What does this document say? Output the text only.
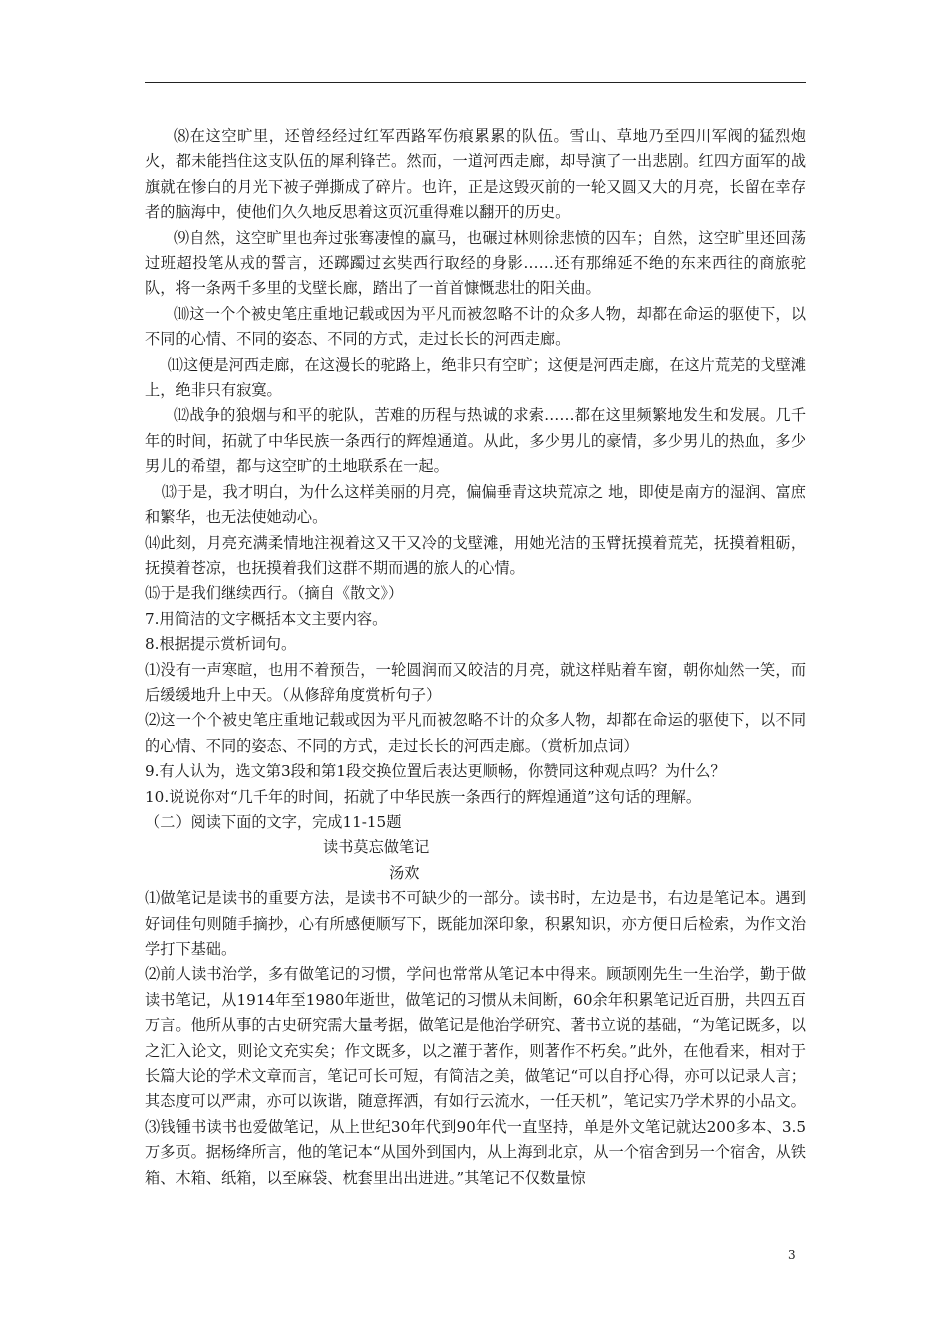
⑻在这空旷里，还曾经经过红军西路军伤痕累累的队伍。雪山、草地乃至四川军阀的猛烈炮火，都未能挡住这支队伍的犀利锋芒。然而，一道河西走廊，却导演了一出悲剧。红四方面军的战旗就在惨白的月光下被子弹撕成了碎片。也许，正是这毁灭前的一轮又圆又大的月亮，长留在幸存者的脑海中，使他们久久地反思着这页沉重得难以翻开的历史。

⑼自然，这空旷里也奔过张骞凄惶的赢马，也碾过林则徐悲愤的囚车；自然，这空旷里还回荡过班超投笔从戎的誓言，还踯躅过玄奘西行取经的身影……还有那绵延不绝的东来西往的商旅驼队，将一条两千多里的戈壁长廊，踏出了一首首慷慨悲壮的阳关曲。

⑽这一个个被史笔庄重地记载或因为平凡而被忽略不计的众多人物，却都在命运的驱使下，以不同的心情、不同的姿态、不同的方式，走过长长的河西走廊。

⑾这便是河西走廊，在这漫长的驼路上，绝非只有空旷；这便是河西走廊，在这片荒芜的戈壁滩上，绝非只有寂寞。

⑿战争的狼烟与和平的驼队，苦难的历程与热诚的求索……都在这里频繁地发生和发展。几千年的时间，拓就了中华民族一条西行的辉煌通道。从此，多少男儿的豪情，多少男儿的热血，多少男儿的希望，都与这空旷的土地联系在一起。

⒀于是，我才明白，为什么这样美丽的月亮，偏偏垂青这块荒凉之 地，即使是南方的湿润、富庶和繁华，也无法使她动心。

⒁此刻，月亮充满柔情地注视着这又干又冷的戈壁滩，用她光洁的玉臂抚摸着荒芜，抚摸着粗砺，抚摸着苍凉，也抚摸着我们这群不期而遇的旅人的心情。

⒂于是我们继续西行。（摘自《散文》）

7.用简洁的文字概括本文主要内容。

8.根据提示赏析词句。

⑴没有一声寒暄，也用不着预告，一轮圆润而又皎洁的月亮，就这样贴着车窗，朝你灿然一笑，而后缓缓地升上中天。（从修辞角度赏析句子）

⑵这一个个被史笔庄重地记载或因为平凡而被忽略不计的众多人物，却都在命运的驱使下，以不同的心情、不同的姿态、不同的方式，走过长长的河西走廊。（赏析加点词）

9.有人认为，选文第3段和第1段交换位置后表达更顺畅，你赞同这种观点吗？为什么？

10.说说你对“几千年的时间，拓就了中华民族一条西行的辉煌通道”这句话的理解。

（二）阅读下面的文字，完成11-15题

读书莫忘做笔记

汤欢

⑴做笔记是读书的重要方法，是读书不可缺少的一部分。读书时，左边是书，右边是笔记本。遇到好词佳句则随手摘抄，心有所感便顺写下，既能加深印象，积累知识，亦方便日后检索，为作文治学打下基础。

⑵前人读书治学，多有做笔记的习惯，学问也常常从笔记本中得来。顾颉刚先生一生治学，勤于做读书笔记，从1914年至1980年逝世，做笔记的习惯从未间断，60余年积累笔记近百册，共四五百万言。他所从事的古史研究需大量考据，做笔记是他治学研究、著书立说的基础，“为笔记既多，以之汇入论文，则论文充实矣；作文既多，以之灌于著作，则著作不朽矣。”此外，在他看来，相对于长篇大论的学术文章而言，笔记可长可短，有简洁之美，做笔记“可以自抒心得，亦可以记录人言；其态度可以严肃，亦可以诙谐，随意挥洒，有如行云流水，一任天机”，笔记实乃学术界的小品文。

⑶钱锺书读书也爱做笔记，从上世纪30年代到90年代一直坚持，单是外文笔记就达200多本、3.5万多页。据杨绛所言，他的笔记本“从国外到国内，从上海到北京，从一个宿舍到另一个宿舍，从铁箱、木箱、纸箱，以至麻袋、枕套里出出进进。”其笔记不仅数量惊

3
